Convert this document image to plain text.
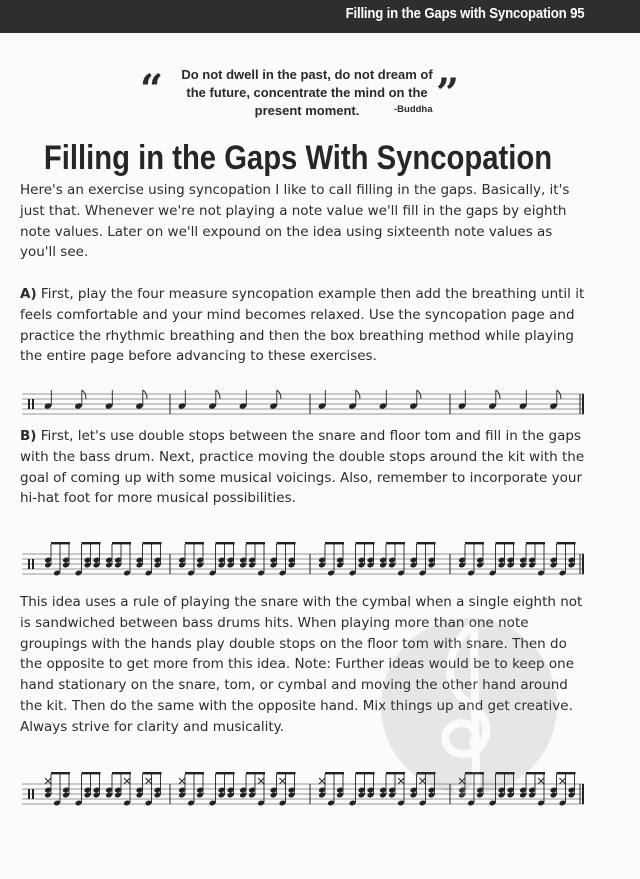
Filling in the Gaps with Syncopation 95
“	Do not dwell in the past, do not dream of the future, concentrate the mind on the present moment.	-Buddha ”
Filling in the Gaps With Syncopation
Here's an exercise using syncopation I like to call filling in the gaps. Basically, it's just that. Whenever we're not playing a note value we'll fill in the gaps by eighth note values. Later on we'll expound on the idea using sixteenth note values as you'll see.
A) First, play the four measure syncopation example then add the breathing until it feels comfortable and your mind becomes relaxed. Use the syncopation page and practice the rhythmic breathing and then the box breathing method while playing the entire page before advancing to these exercises.
B) First, let's use double stops between the snare and floor tom and fill in the gaps with the bass drum. Next, practice moving the double stops around the kit with the goal of coming up with some musical voicings. Also, remember to incorporate your hi-hat foot for more musical possibilities.
This idea uses a rule of playing the snare with the cymbal when a single eighth not is sandwiched between bass drums hits. When playing more than one note groupings with the hands play double stops on the floor tom with snare. Then do the opposite to get more from this idea. Note: Further ideas would be to keep one hand stationary on the snare, tom, or cymbal and moving the other hand around the kit. Then do the same with the opposite hand. Mix things up and get creative. Always strive for clarity and musicality.
